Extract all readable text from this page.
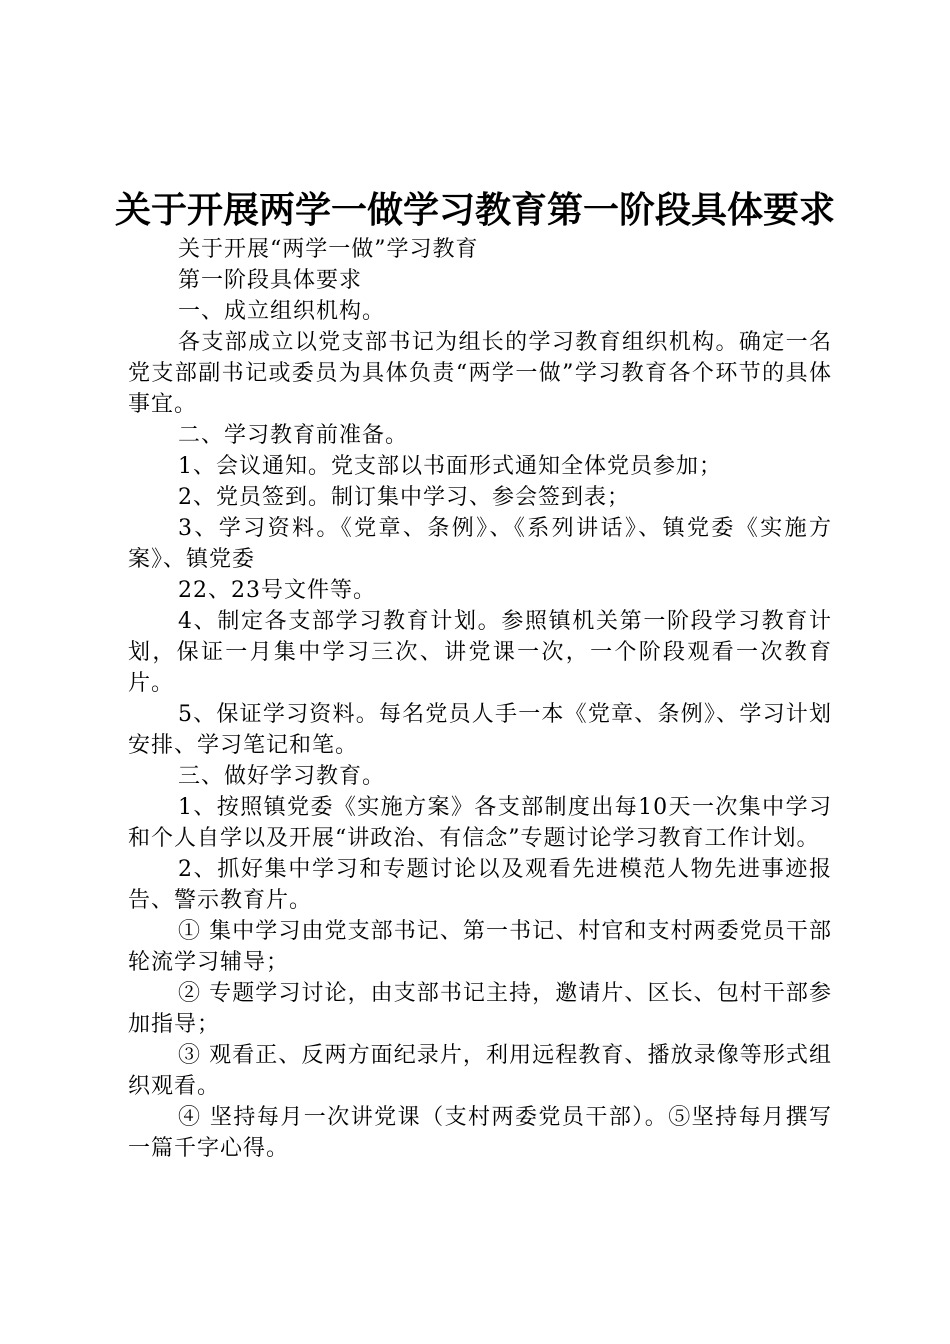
关于开展两学一做学习教育第一阶段具体要求

关于开展“两学一做”学习教育

第一阶段具体要求

一、成立组织机构。

各支部成立以党支部书记为组长的学习教育组织机构。确定一名党支部副书记或委员为具体负责“两学一做”学习教育各个环节的具体事宜。

二、学习教育前准备。

1、会议通知。党支部以书面形式通知全体党员参加；

2、党员签到。制订集中学习、参会签到表；

3、学习资料。《党章、条例》、《系列讲话》、镇党委《实施方案》、镇党委

22、23号文件等。

4、制定各支部学习教育计划。参照镇机关第一阶段学习教育计划，保证一月集中学习三次、讲党课一次，一个阶段观看一次教育片。

5、保证学习资料。每名党员人手一本《党章、条例》、学习计划安排、学习笔记和笔。

三、做好学习教育。

1、按照镇党委《实施方案》各支部制度出每10天一次集中学习和个人自学以及开展“讲政治、有信念”专题讨论学习教育工作计划。

2、抓好集中学习和专题讨论以及观看先进模范人物先进事迹报告、警示教育片。

① 集中学习由党支部书记、第一书记、村官和支村两委党员干部轮流学习辅导；

② 专题学习讨论，由支部书记主持，邀请片、区长、包村干部参加指导；

③ 观看正、反两方面纪录片，利用远程教育、播放录像等形式组织观看。

④ 坚持每月一次讲党课（支村两委党员干部）。⑤坚持每月撰写一篇千字心得。
